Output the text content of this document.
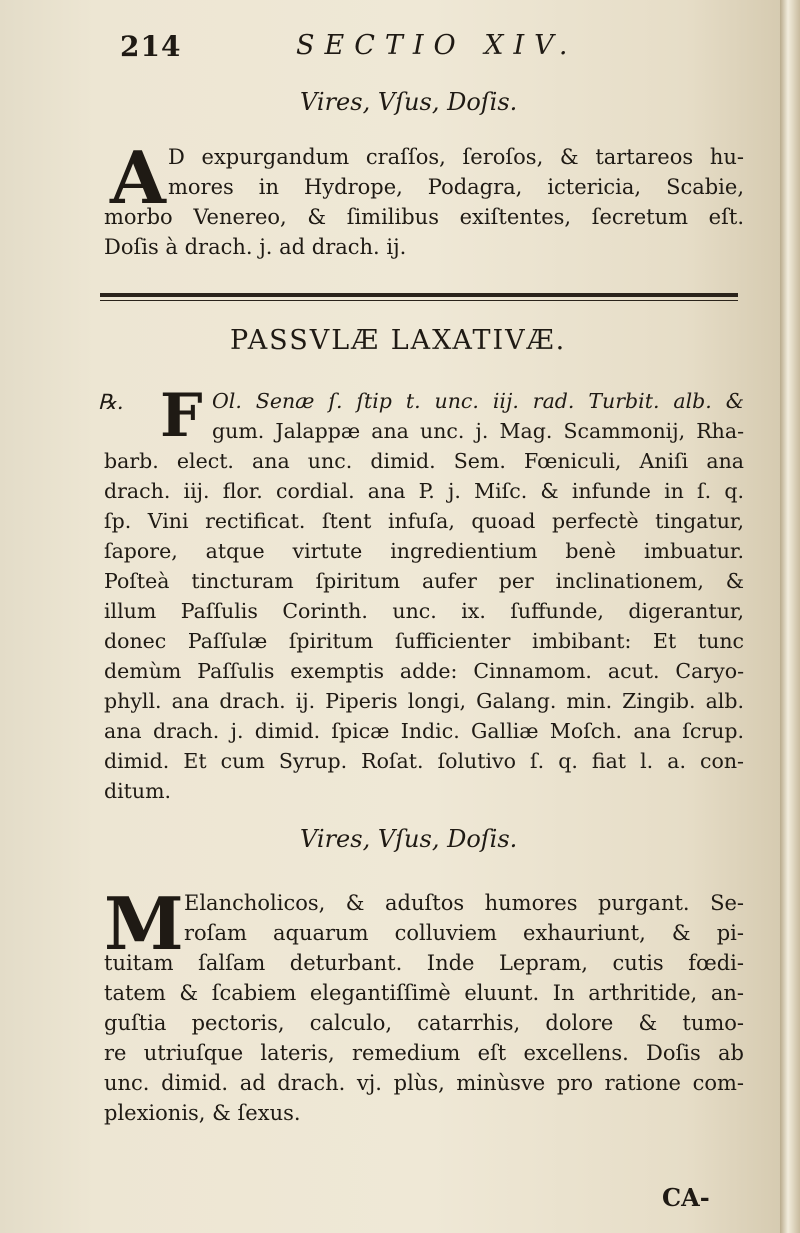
214	SECTIO XIV.
Vires, Vſus, Doſis.
A D expurgandum craſſos, ſeroſos, & tartareos hu-
mores in Hydrope, Podagra, ictericia, Scabie,
morbo Venereo, & ſimilibus exiſtentes, ſecretum eſt.
Doſis à drach. j. ad drach. ij.
PASSVLÆ LAXATIVÆ.
℞. F Ol. Senæ ſ. ſtip t. unc. iij. rad. Turbit. alb. &
gum. Jalappæ ana unc. j. Mag. Scammonij, Rha-
barb. elect. ana unc. dimid. Sem. Fœniculi, Aniſi ana
drach. iij. flor. cordial. ana P. j. Miſc. & infunde in ſ. q.
ſp. Vini rectificat. ſtent infuſa, quoad perfectè tingatur,
ſapore, atque virtute ingredientium benè imbuatur.
Poſteà tincturam ſpiritum aufer per inclinationem, &
illum Paſſulis Corinth. unc. ix. ſuffunde, digerantur,
donec Paſſulæ ſpiritum ſufficienter imbibant: Et tunc
demùm Paſſulis exemptis adde: Cinnamom. acut. Caryo-
phyll. ana drach. ij. Piperis longi, Galang. min. Zingib. alb.
ana drach. j. dimid. ſpicæ Indic. Galliæ Moſch. ana ſcrup.
dimid. Et cum Syrup. Roſat. ſolutivo ſ. q. fiat l. a. con-
ditum.
Vires, Vſus, Doſis.
M Elancholicos, & aduſtos humores purgant. Se-
roſam aquarum colluviem exhauriunt, & pi-
tuitam ſalſam deturbant. Inde Lepram, cutis fœdi-
tatem & ſcabiem elegantiſſimè eluunt. In arthritide, an-
guſtia pectoris, calculo, catarrhis, dolore & tumo-
re utriuſque lateris, remedium eſt excellens. Doſis ab
unc. dimid. ad drach. vj. plùs, minùsve pro ratione com-
plexionis, & ſexus.
CA-
